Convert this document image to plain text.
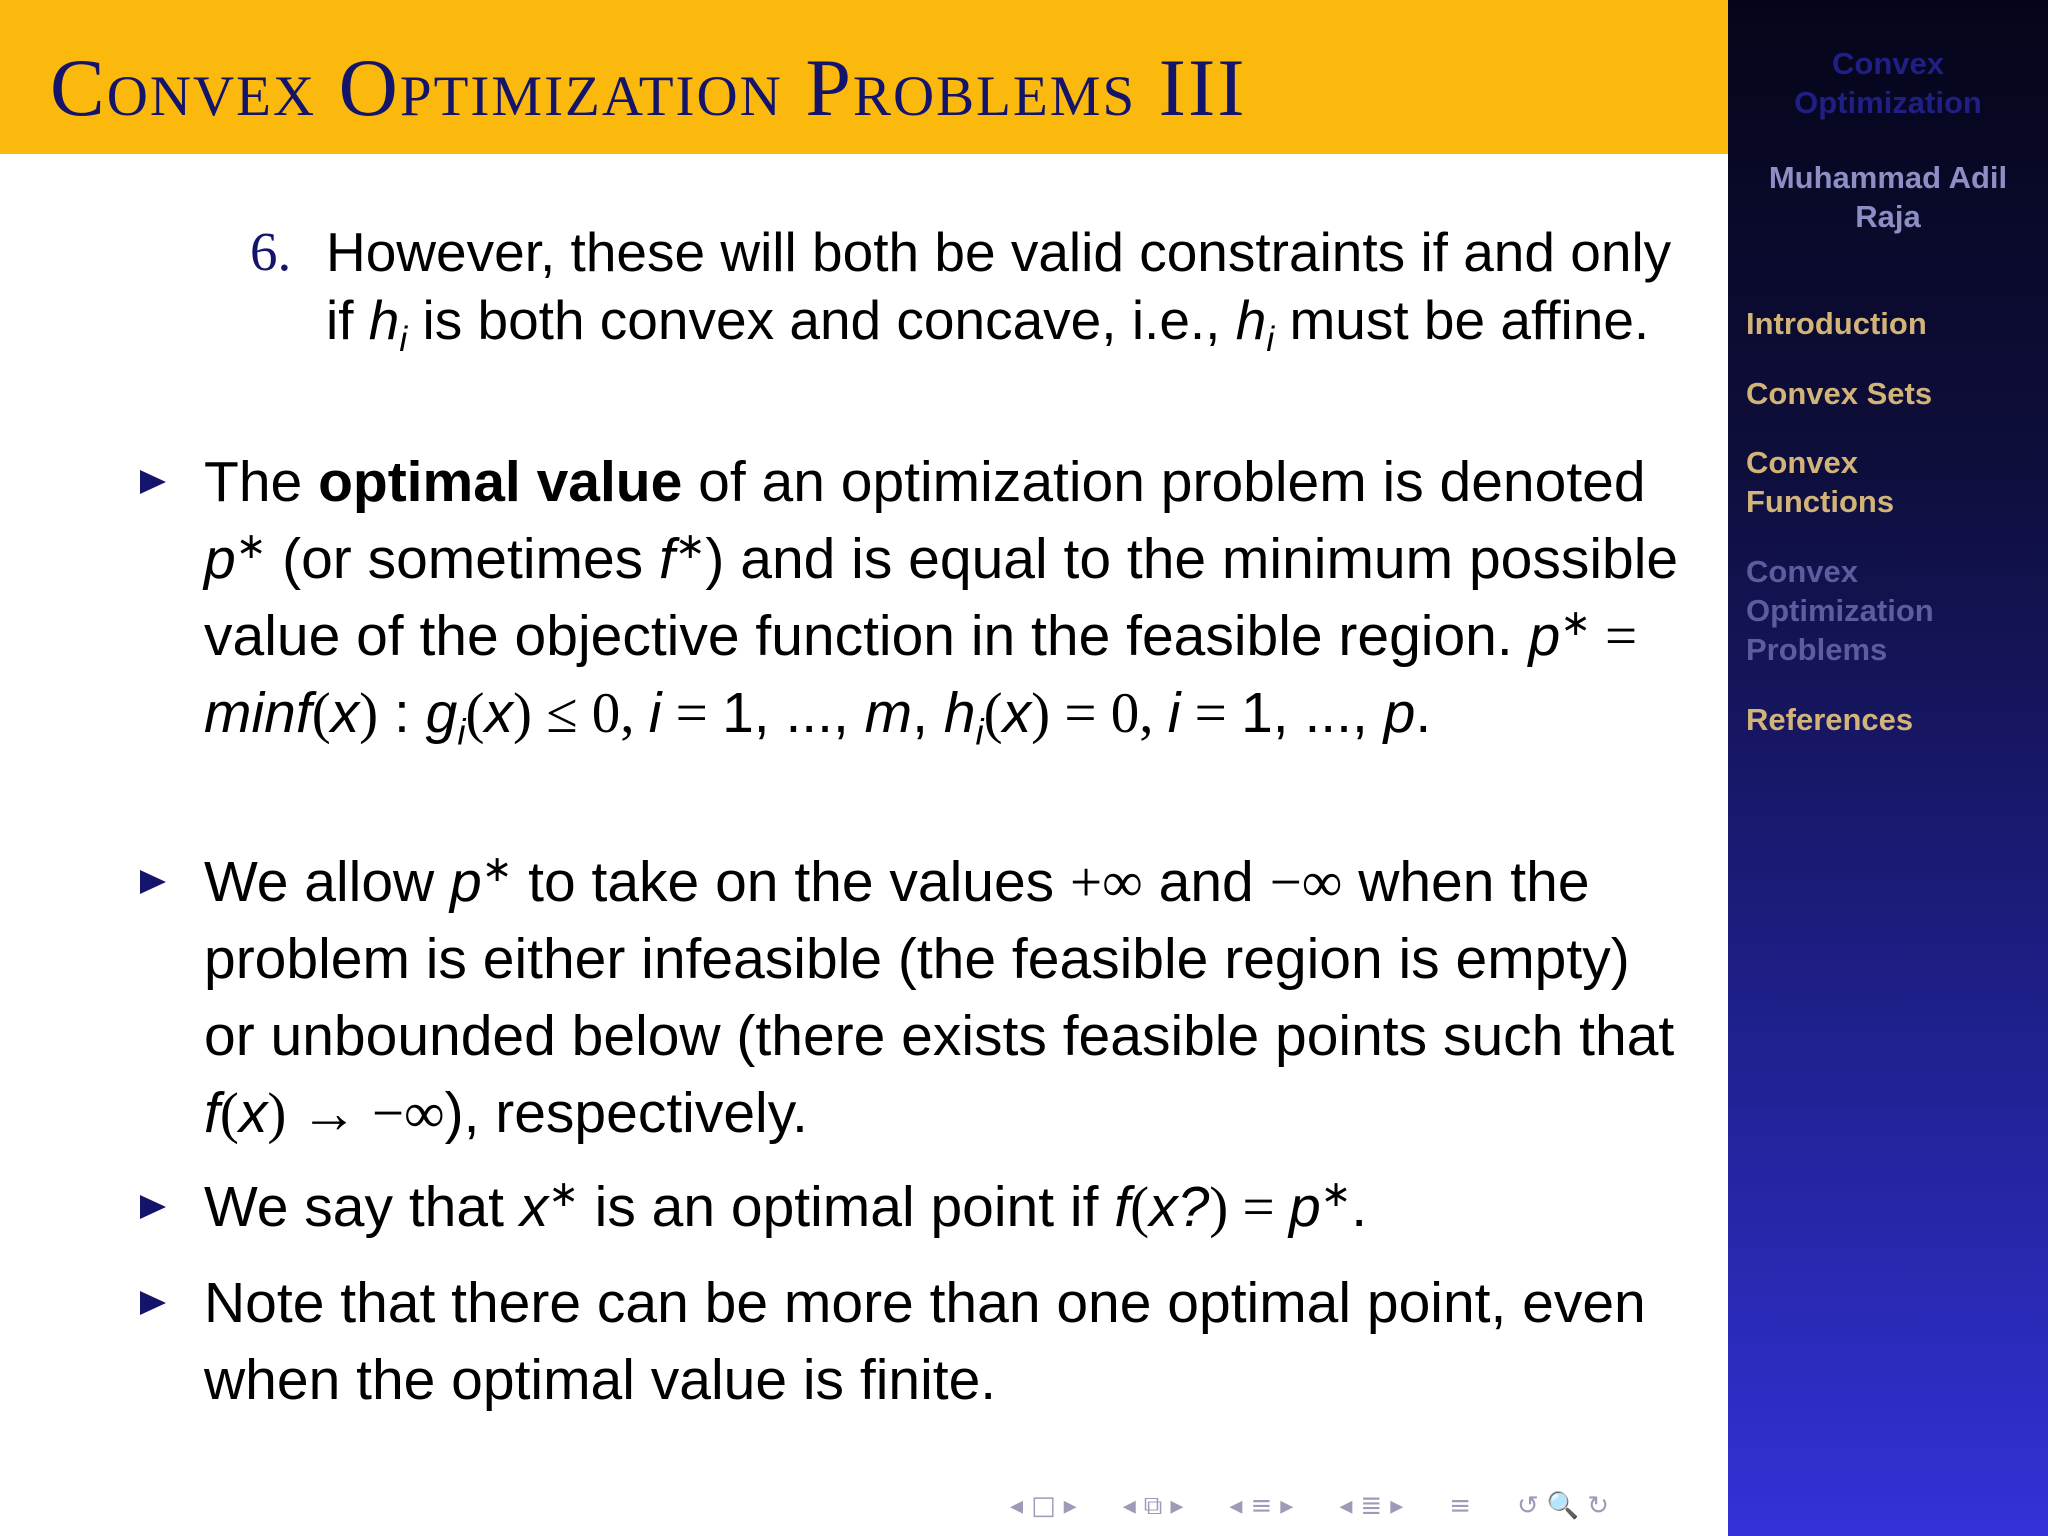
Convex Optimization Problems III	Convex
Optimization
Muhammad Adil
Raja
Introduction
Convex Sets
Convex
Functions
Convex
Optimization
Problems
References
6. However, these will both be valid constraints if and only if $h_i$ is both convex and concave, i.e., $h_i$ must be affine.
The optimal value of an optimization problem is denoted p∗ (or sometimes f∗) and is equal to the minimum possible value of the objective function in the feasible region. p∗ =
minf(x) : $g_i(x) \le 0$, i = 1, ..., m, $h_i(x) = 0$, i = 1, ..., p.
We allow p∗ to take on the values +∞ and −∞ when the problem is either infeasible (the feasible region is empty) or unbounded below (there exists feasible points such that f(x) → −∞), respectively.
We say that x∗ is an optimal point if f(x?) = p∗.
Note that there can be more than one optimal point, even when the optimal value is finite.
◂ □ ▸ ◂ ⧉ ▸ ◂ ≡ ▸ ◂ ≣ ▸ ≡ ↺ 🔍 ↻
